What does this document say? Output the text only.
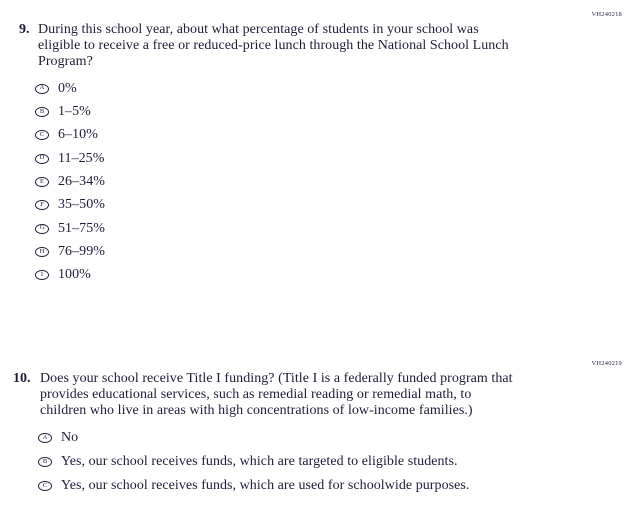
VH240218
9. During this school year, about what percentage of students in your school was
eligible to receive a free or reduced-price lunch through the National School Lunch
Program?
A 0%
B 1–5%
C 6–10%
D 11–25%
E 26–34%
F 35–50%
G 51–75%
H 76–99%
I 100%
VH240219
10. Does your school receive Title I funding? (Title I is a federally funded program that
provides educational services, such as remedial reading or remedial math, to
children who live in areas with high concentrations of low-income families.)
A No
B Yes, our school receives funds, which are targeted to eligible students.
C Yes, our school receives funds, which are used for schoolwide purposes.
